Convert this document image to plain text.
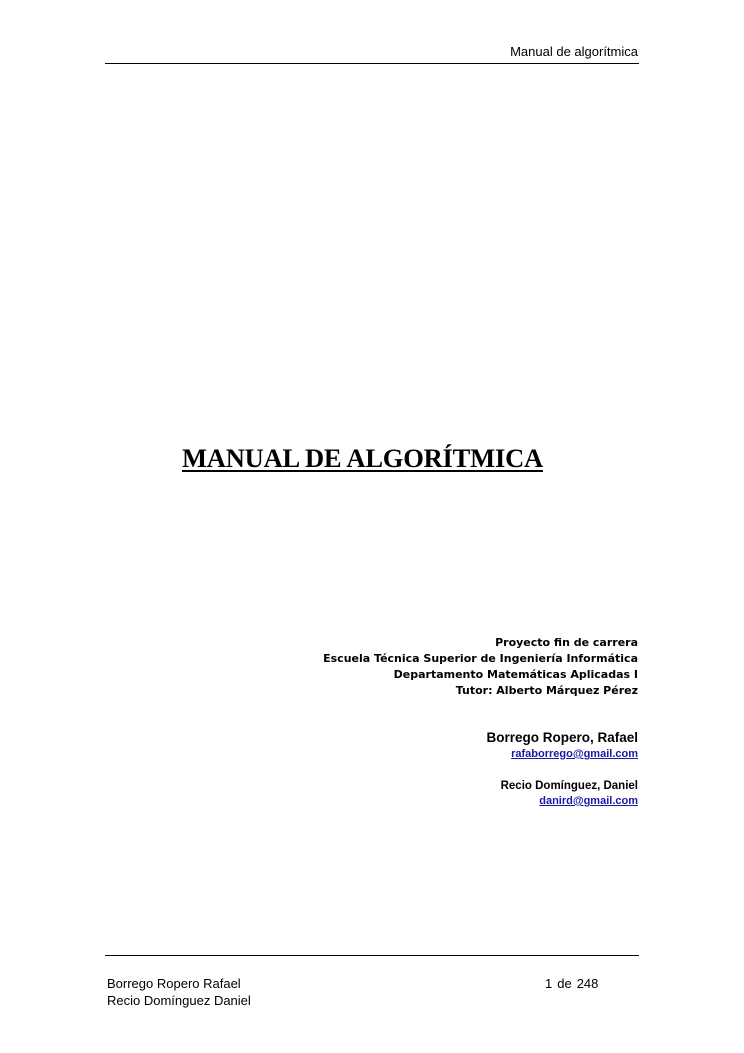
Manual de algorítmica
MANUAL DE ALGORÍTMICA
Proyecto fin de carrera
Escuela Técnica Superior de Ingeniería Informática
Departamento Matemáticas Aplicadas I
Tutor: Alberto Márquez Pérez
Borrego Ropero, Rafael
rafaborrego@gmail.com
Recio Domínguez, Daniel
danird@gmail.com
Borrego Ropero Rafael
Recio Domínguez Daniel
1 de 248
